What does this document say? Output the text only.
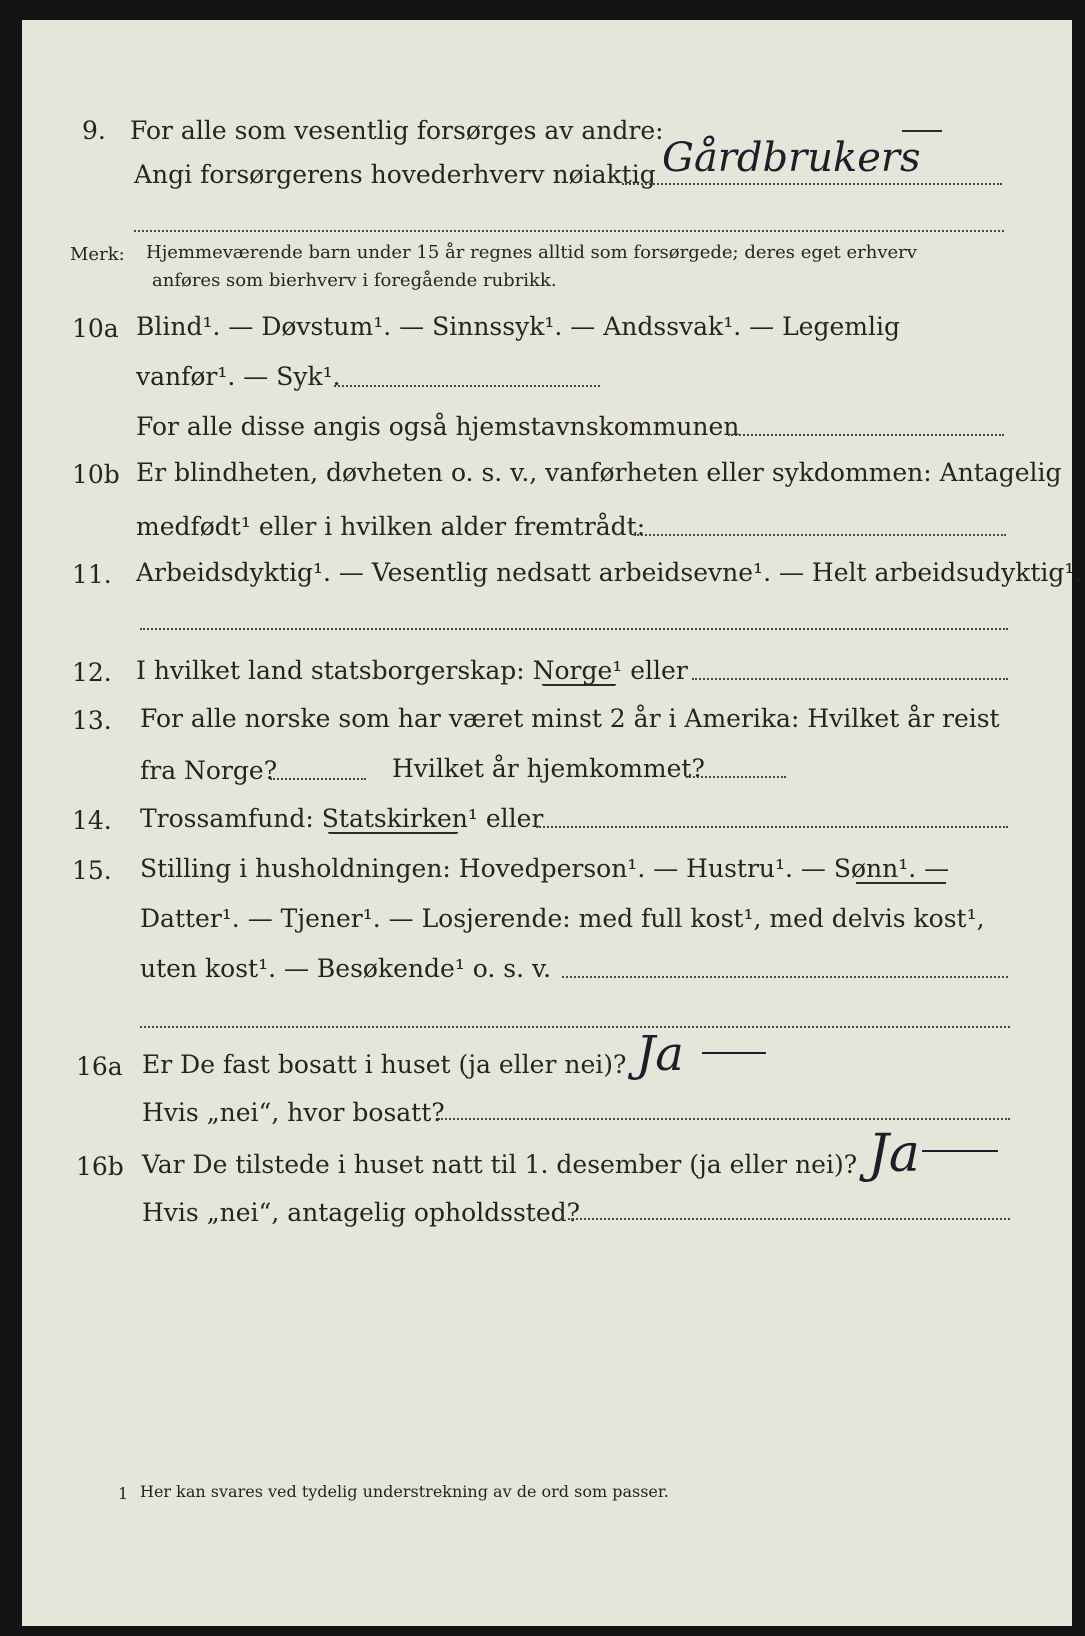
9. For alle som vesentlig forsørges av andre:
Angi forsørgerens hovederhverv nøiaktig Gårdbrukers
Merk: Hjemmeværende barn under 15 år regnes alltid som forsørgede; deres eget erhverv
anføres som bierhverv i foregående rubrikk.
10a Blind¹. — Døvstum¹. — Sinnssyk¹. — Andssvak¹. — Legemlig
vanfør¹. — Syk¹.
For alle disse angis også hjemstavnskommunen
10b Er blindheten, døvheten o. s. v., vanførheten eller sykdommen: Antagelig
medfødt¹ eller i hvilken alder fremtrådt:
11. Arbeidsdyktig¹. — Vesentlig nedsatt arbeidsevne¹. — Helt arbeidsudyktig¹.
12. I hvilket land statsborgerskap: Norge¹ eller
13. For alle norske som har været minst 2 år i Amerika: Hvilket år reist
fra Norge?	Hvilket år hjemkommet?
14. Trossamfund: Statskirken¹ eller
15. Stilling i husholdningen: Hovedperson¹. — Hustru¹. — Sønn¹. —
Datter¹. — Tjener¹. — Losjerende: med full kost¹, med delvis kost¹,
uten kost¹. — Besøkende¹ o. s. v.
16a Er De fast bosatt i huset (ja eller nei)? Ja
Hvis „nei“, hvor bosatt?
16b Var De tilstede i huset natt til 1. desember (ja eller nei)? Ja
Hvis „nei“, antagelig opholdssted?
1 Her kan svares ved tydelig understrekning av de ord som passer.
